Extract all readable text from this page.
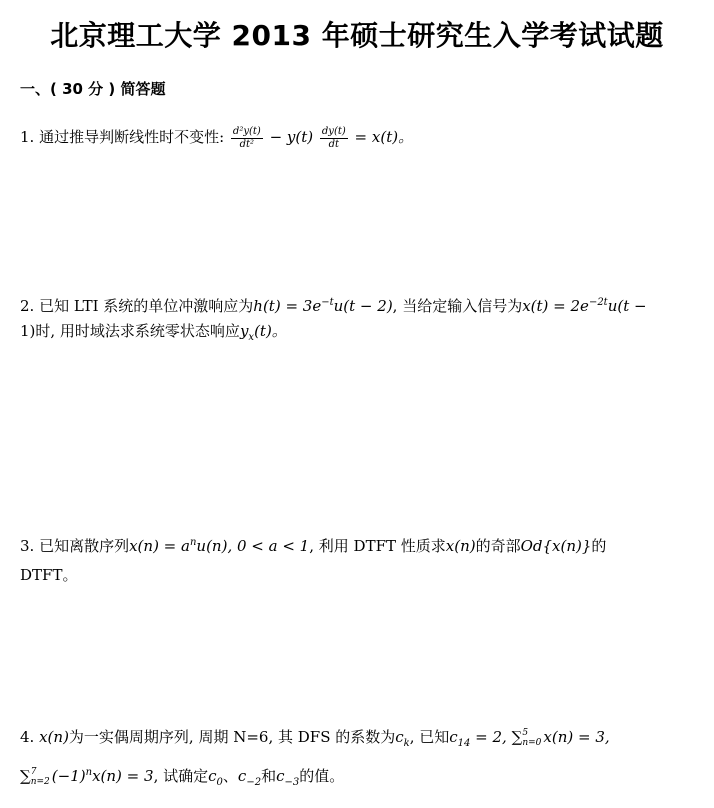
北京理工大学 2013 年硕士研究生入学考试试题
一、( 30 分 ) 简答题
1. 通过推导判断线性时不变性: $\frac{\text{d²y(t)}}{\text{dt²}} - y(t) \frac{dy(t)}{dt} = x(t)$。
2. 已知 LTI 系统的单位冲激响应为$h(t) = 3e^{-t}u(t - 2)$, 当给定输入信号为$x(t) = 2e^{-2t}u(t$ −
1)时, 用时域法求系统零状态响应$y_x(t)$。
3. 已知离散序列$x(n) = a^nu(n)$, 0 < a < 1, 利用 DTFT 性质求x(n)的奇部Od{x(n)}的
DTFT。
4. x(n)为一实偶周期序列, 周期 N=6, 其 DFS 的系数为$c_k$, 已知$c_{14} = 2$, ∑ 5
n=0 x(n) = 3,
∑ 7
n=2 $(-1)^nx(n) = 3$, 试确定$c_0$、$c_{-2}$和$c_{-3}$的值。
